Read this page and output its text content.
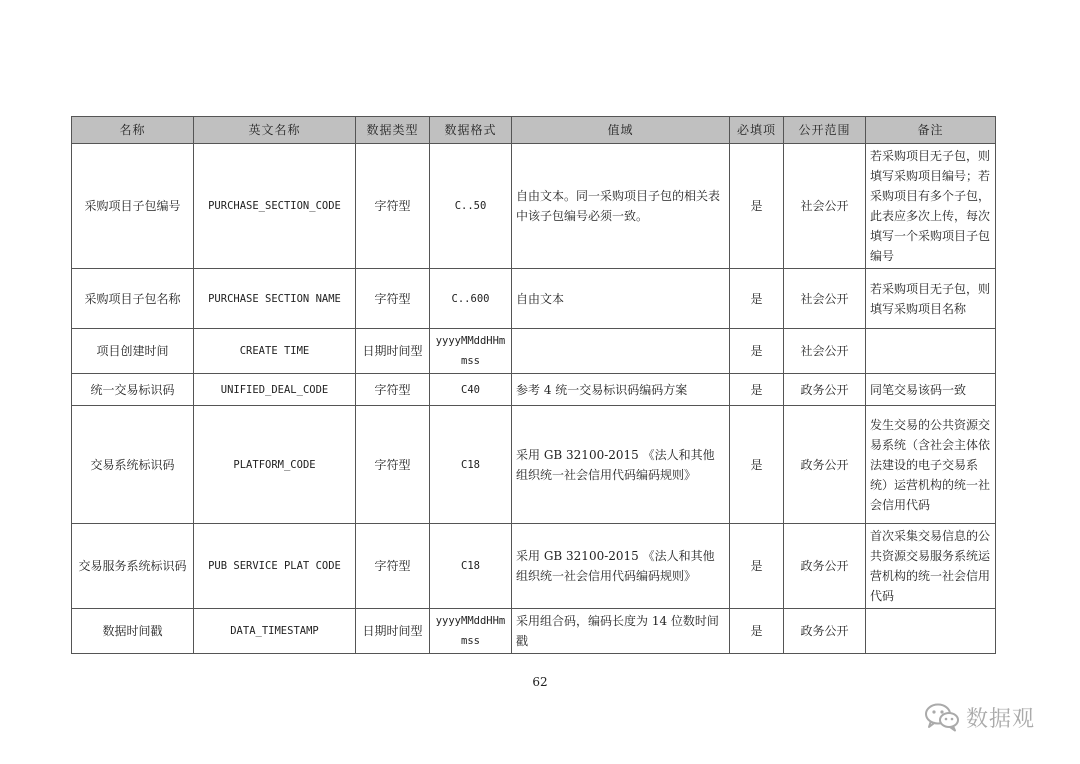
名称	英文名称	数据类型	数据格式	值域	必填项	公开范围	备注
采购项目子包编号	PURCHASE_SECTION_CODE	字符型	C..50	自由文本。同一采购项目子包的相关表中该子包编号必须一致。	是	社会公开	若采购项目无子包，则填写采购项目编号；若采购项目有多个子包，此表应多次上传，每次填写一个采购项目子包编号
采购项目子包名称	PURCHASE SECTION NAME	字符型	C..600	自由文本	是	社会公开	若采购项目无子包，则填写采购项目名称
项目创建时间	CREATE TIME	日期时间型	yyyyMMddHHmmss		是	社会公开	
统一交易标识码	UNIFIED_DEAL_CODE	字符型	C40	参考 4 统一交易标识码编码方案	是	政务公开	同笔交易该码一致
交易系统标识码	PLATFORM_CODE	字符型	C18	采用 GB 32100-2015 《法人和其他组织统一社会信用代码编码规则》	是	政务公开	发生交易的公共资源交易系统（含社会主体依法建设的电子交易系统）运营机构的统一社会信用代码
交易服务系统标识码	PUB SERVICE PLAT CODE	字符型	C18	采用 GB 32100-2015 《法人和其他组织统一社会信用代码编码规则》	是	政务公开	首次采集交易信息的公共资源交易服务系统运营机构的统一社会信用代码
数据时间戳	DATA_TIMESTAMP	日期时间型	yyyyMMddHHmmss	采用组合码，编码长度为 14 位数时间戳	是	政务公开	
62
数据观
